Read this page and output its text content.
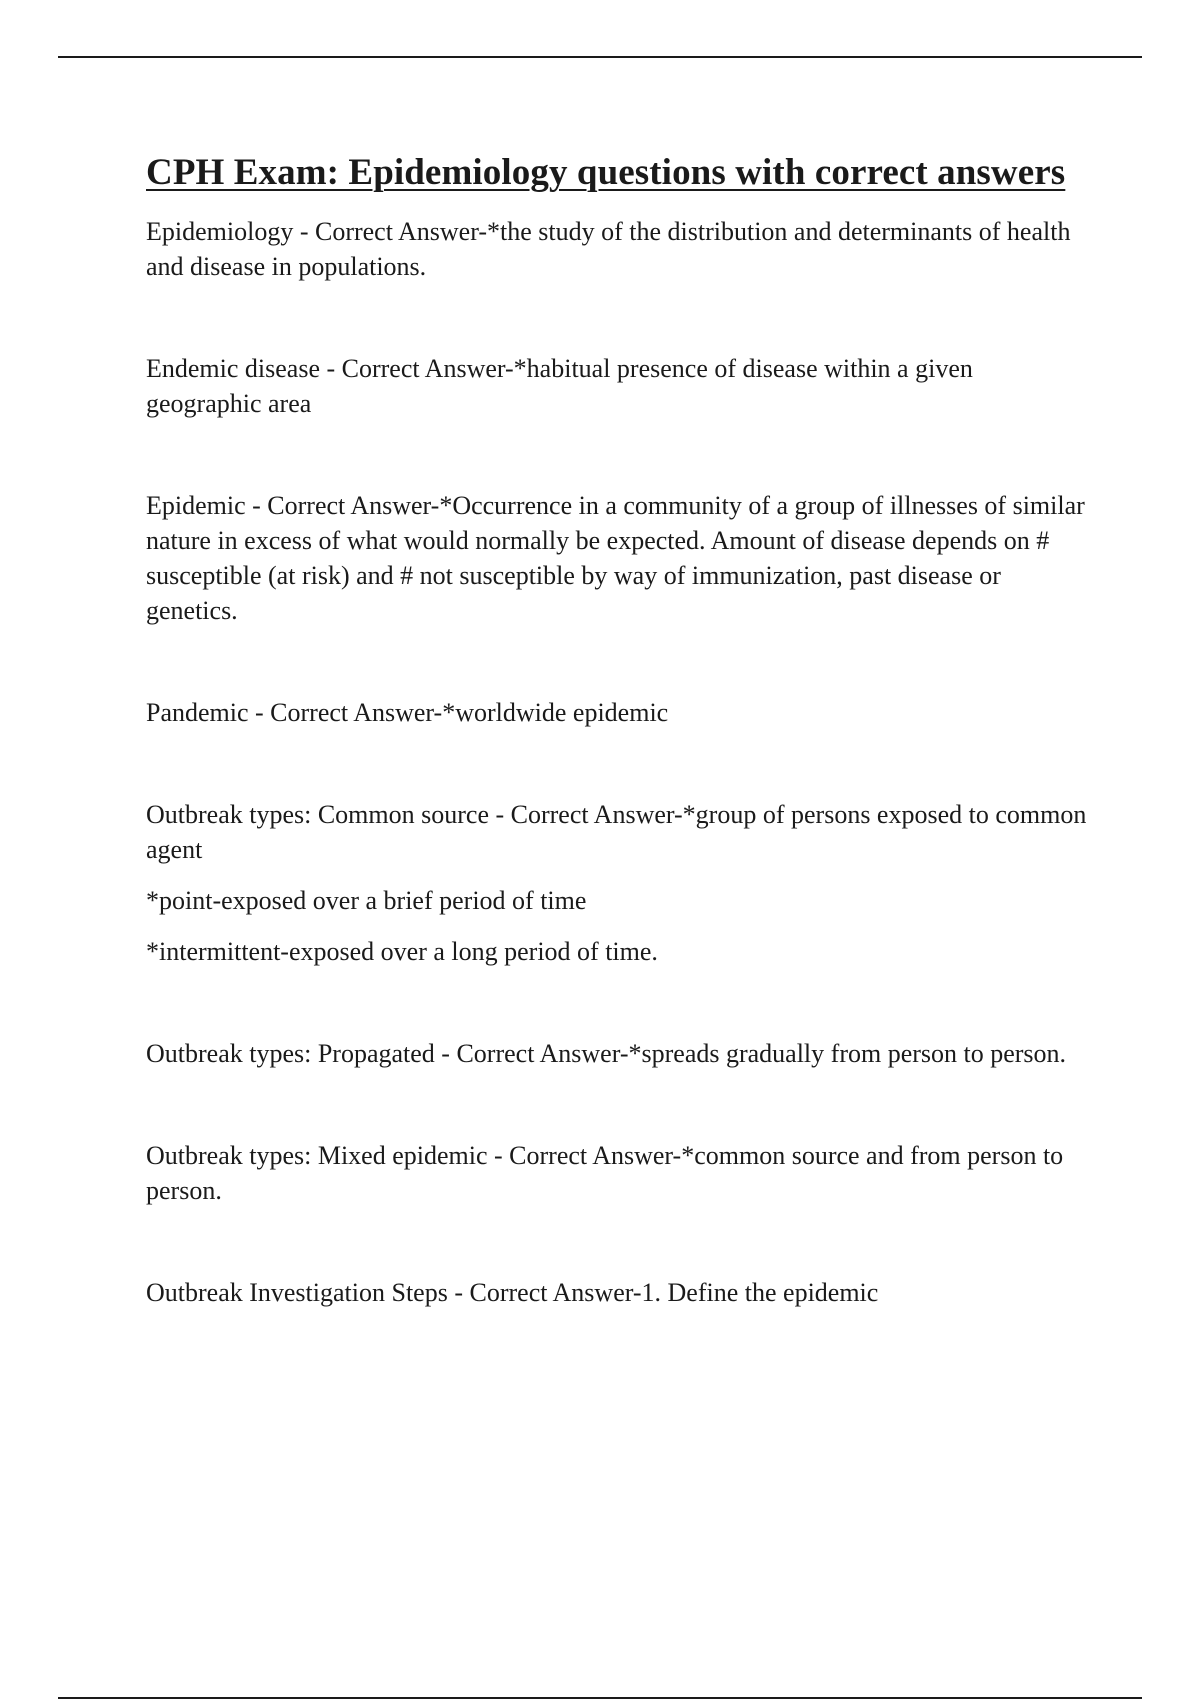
CPH Exam: Epidemiology questions with correct answers

Epidemiology - Correct Answer-*the study of the distribution and determinants of health and disease in populations.

Endemic disease - Correct Answer-*habitual presence of disease within a given geographic area

Epidemic - Correct Answer-*Occurrence in a community of a group of illnesses of similar nature in excess of what would normally be expected. Amount of disease depends on # susceptible (at risk) and # not susceptible by way of immunization, past disease or genetics.

Pandemic - Correct Answer-*worldwide epidemic

Outbreak types: Common source - Correct Answer-*group of persons exposed to common agent

*point-exposed over a brief period of time

*intermittent-exposed over a long period of time.

Outbreak types: Propagated - Correct Answer-*spreads gradually from person to person.

Outbreak types: Mixed epidemic - Correct Answer-*common source and from person to person.

Outbreak Investigation Steps - Correct Answer-1. Define the epidemic
